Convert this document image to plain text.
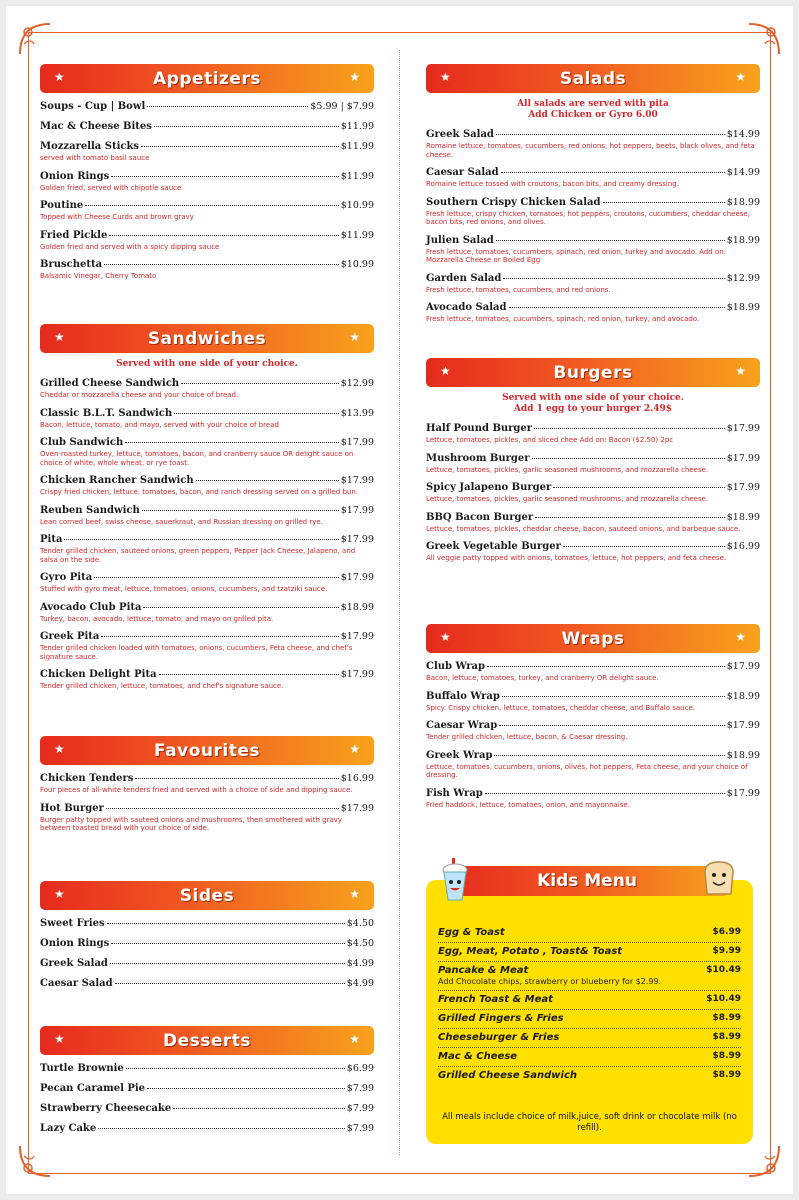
★	Appetizers	★
Soups - Cup | Bowl	$5.99 | $7.99
Mac & Cheese Bites	$11.99
Mozzarella Sticks	$11.99
served with tomato basil sauce
Onion Rings	$11.99
Golden fried, served with chipotle sauce
Poutine	$10.99
Topped with Cheese Curds and brown gravy
Fried Pickle	$11.99
Golden fried and served with a spicy dipping sauce
Bruschetta	$10.99
Balsamic Vinegar, Cherry Tomato
★	Sandwiches	★
Served with one side of your choice.
Grilled Cheese Sandwich	$12.99
Cheddar or mozzarella cheese and your choice of bread.
Classic B.L.T. Sandwich	$13.99
Bacon, lettuce, tomato, and mayo, served with your choice of bread
Club Sandwich	$17.99
Oven-roasted turkey, lettuce, tomatoes, bacon, and cranberry sauce OR delight sauce on choice of white, whole wheat, or rye toast.
Chicken Rancher Sandwich	$17.99
Crispy fried chicken, lettuce, tomatoes, bacon, and ranch dressing served on a grilled bun.
Reuben Sandwich	$17.99
Lean corned beef, swiss cheese, sauerkraut, and Russian dressing on grilled rye.
Pita	$17.99
Tender grilled chicken, sauteed onions, green peppers, Pepper Jack Cheese, Jalapeno, and salsa on the side.
Gyro Pita	$17.99
Stuffed with gyro meat, lettuce, tomatoes, onions, cucumbers, and tzatziki sauce.
Avocado Club Pita	$18.99
Turkey, bacon, avocado, lettuce, tomato, and mayo on grilled pita.
Greek Pita	$17.99
Tender grilled chicken loaded with tomatoes, onions, cucumbers, Feta cheese, and chef's signature sauce.
Chicken Delight Pita	$17.99
Tender grilled chicken, lettuce, tomatoes, and chef's signature sauce.
★	Favourites	★
Chicken Tenders	$16.99
Four pieces of all-white tenders fried and served with a choice of side and dipping sauce.
Hot Burger	$17.99
Burger patty topped with sauteed onions and mushrooms, then smothered with gravy between toasted bread with your choice of side.
★	Sides	★
Sweet Fries	$4.50
Onion Rings	$4.50
Greek Salad	$4.99
Caesar Salad	$4.99
★	Desserts	★
Turtle Brownie	$6.99
Pecan Caramel Pie	$7.99
Strawberry Cheesecake	$7.99
Lazy Cake	$7.99
★	Salads	★
All salads are served with pita
Add Chicken or Gyro 6.00
Greek Salad	$14.99
Romaine lettuce, tomatoes, cucumbers, red onions, hot peppers, beets, black olives, and feta cheese.
Caesar Salad	$14.99
Romaine lettuce tossed with croutons, bacon bits, and creamy dressing.
Southern Crispy Chicken Salad	$18.99
Fresh lettuce, crispy chicken, tomatoes, hot peppers, croutons, cucumbers, cheddar cheese, bacon bits, red onions, and olives.
Julien Salad	$18.99
Fresh lettuce, tomatoes, cucumbers, spinach, red onion, turkey and avocado. Add on: Mozzarella Cheese or Boiled Egg
Garden Salad	$12.99
Fresh lettuce, tomatoes, cucumbers, and red onions.
Avocado Salad	$18.99
Fresh lettuce, tomatoes, cucumbers, spinach, red onion, turkey, and avocado.
★	Burgers	★
Served with one side of your choice.
Add 1 egg to your burger 2.49$
Half Pound Burger	$17.99
Lettuce, tomatoes, pickles, and sliced chee Add on: Bacon ($2.50) 2pc
Mushroom Burger	$17.99
Lettuce, tomatoes, pickles, garlic seasoned mushrooms, and mozzarella cheese.
Spicy Jalapeno Burger	$17.99
Lettuce, tomatoes, pickles, garlic seasoned mushrooms, and mozzarella cheese.
BBQ Bacon Burger	$18.99
Lettuce, tomatoes, pickles, cheddar cheese, bacon, sauteed onions, and barbeque sauce.
Greek Vegetable Burger	$16.99
All veggie patty topped with onions, tomatoes, lettuce, hot peppers, and feta cheese.
★	Wraps	★
Club Wrap	$17.99
Bacon, lettuce, tomatoes, turkey, and cranberry OR delight sauce.
Buffalo Wrap	$18.99
Spicy. Crispy chicken, lettuce, tomatoes, cheddar cheese, and Buffalo sauce.
Caesar Wrap	$17.99
Tender grilled chicken, lettuce, bacon, & Caesar dressing.
Greek Wrap	$18.99
Lettuce, tomatoes, cucumbers, onions, olives, hot peppers, Feta cheese, and your choice of dressing.
Fish Wrap	$17.99
Fried haddock, lettuce, tomatoes, onion, and mayonnaise.
Kids Menu
Egg & Toast	$6.99
Egg, Meat, Potato , Toast& Toast	$9.99
Pancake & Meat	$10.49
Add Chocolate chips, strawberry or blueberry for $2.99.
French Toast & Meat	$10.49
Grilled Fingers & Fries	$8.99
Cheeseburger & Fries	$8.99
Mac & Cheese	$8.99
Grilled Cheese Sandwich	$8.99
All meals include choice of milk,juice, soft drink or chocolate milk (no refill).
